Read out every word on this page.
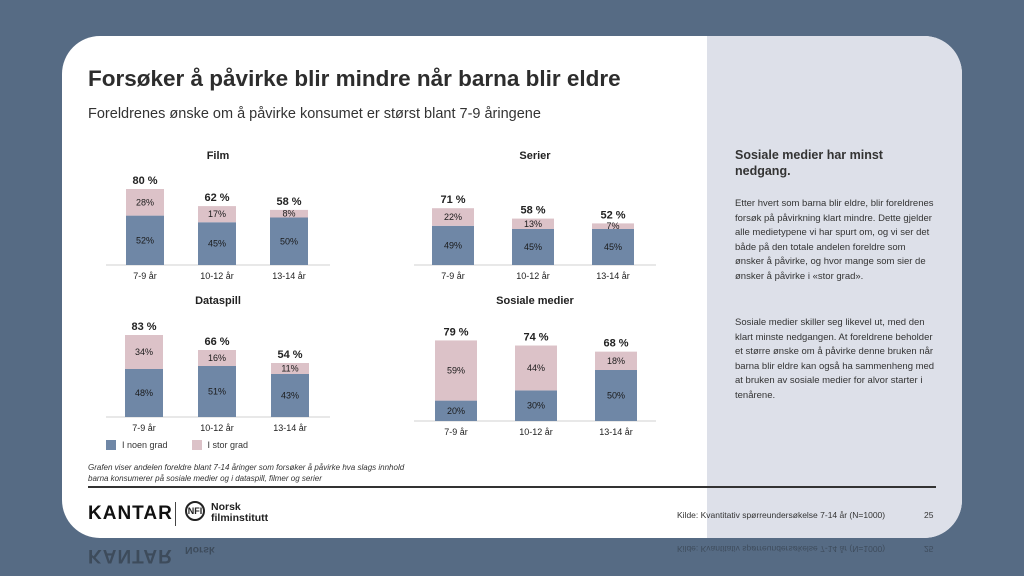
Forsøker å påvirke blir mindre når barna blir eldre
Foreldrenes ønske om å påvirke konsumet er størst blant 7-9 åringene
Film	Serier
Dataspill	Sosiale medier
52%
28%
80 %
7-9 år
45%
17%
62 %
10-12 år
50%
8%
58 %
13-14 år
49%
22%
71 %
7-9 år
45%
13%
58 %
10-12 år
45%
7%
52 %
13-14 år
48%
34%
83 %
7-9 år
51%
16%
66 %
10-12 år
43%
11%
54 %
13-14 år
20%
59%
79 %
7-9 år
30%
44%
74 %
10-12 år
50%
18%
68 %
13-14 år
I noen grad	I stor grad
Grafen viser andelen foreldre blant 7-14 åringer som forsøker å påvirke hva slags innhold
barna konsumerer på sosiale medier og i dataspill, filmer og serier
Sosiale medier har minst nedgang.
Etter hvert som barna blir eldre, blir foreldrenes forsøk på påvirkning klart mindre. Dette gjelder alle medietypene vi har spurt om, og vi ser det både på den totale andelen foreldre som ønsker å påvirke, og hvor mange som sier de ønsker å påvirke i «stor grad».
Sosiale medier skiller seg likevel ut, med den klart minste nedgangen. At foreldrene beholder et større ønske om å påvirke denne bruken når barna blir eldre kan også ha sammenheng med at bruken av sosiale medier for alvor starter i tenårene.
KANTAR	NFI Norsk
filminstitutt	Kilde: Kvantitativ spørreundersøkelse 7-14 år (N=1000)	25
KANTAR Norsk	Kilde: Kvantitativ spørreundersøkelse 7-14 år (N=1000)	25
